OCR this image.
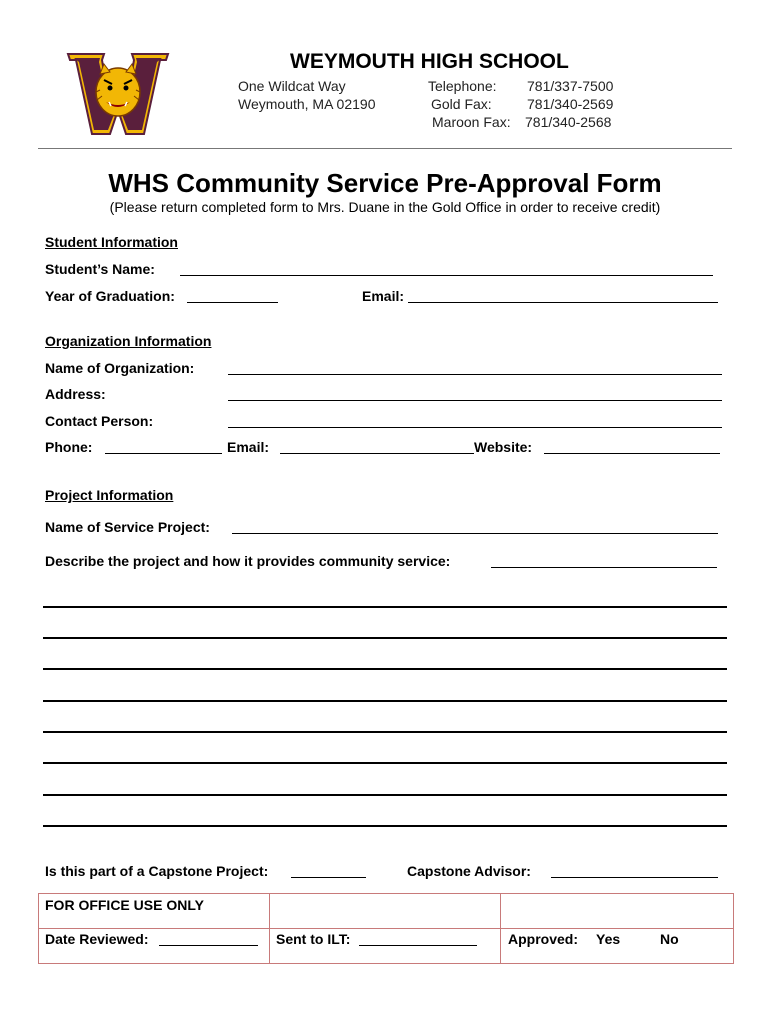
WEYMOUTH HIGH SCHOOL
One Wildcat Way
Weymouth, MA 02190
Telephone: 781/337-7500
Gold Fax:	781/340-2569
Maroon Fax: 781/340-2568
WHS Community Service Pre-Approval Form
(Please return completed form to Mrs. Duane in the Gold Office in order to receive credit)
Student Information
Student’s Name:
Year of Graduation:	Email:
Organization Information
Name of Organization:
Address:
Contact Person:
Phone:	Email:	Website:
Project Information
Name of Service Project:
Describe the project and how it provides community service:
Is this part of a Capstone Project:	Capstone Advisor:
FOR OFFICE USE ONLY
Date Reviewed:	Sent to ILT:	Approved: Yes	No
